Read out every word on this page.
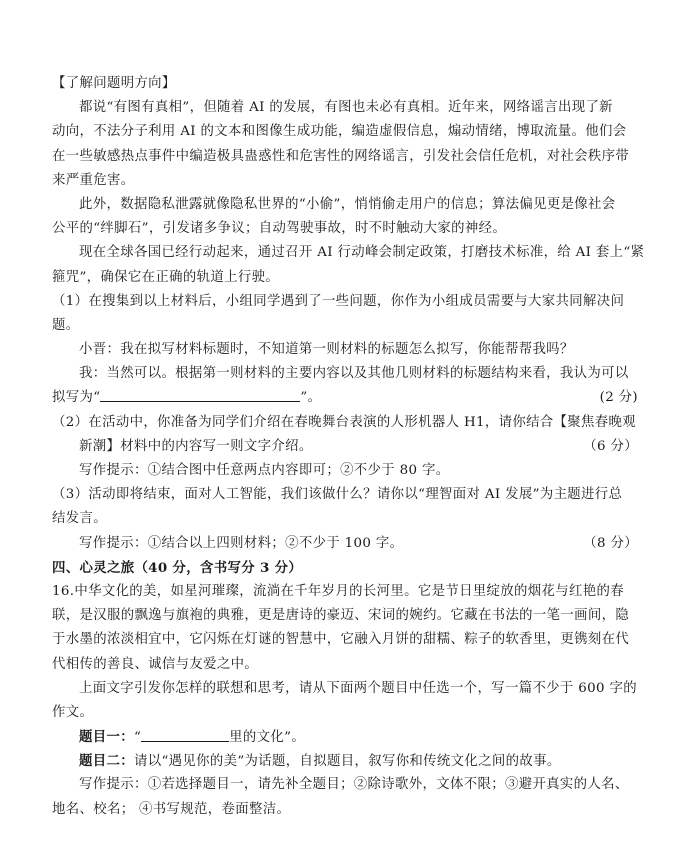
【了解问题明方向】
都说“有图有真相”，但随着 AI 的发展，有图也未必有真相。近年来，网络谣言出现了新
动向，不法分子利用 AI 的文本和图像生成功能，编造虚假信息，煽动情绪，博取流量。他们会
在一些敏感热点事件中编造极具蛊惑性和危害性的网络谣言，引发社会信任危机，对社会秩序带
来严重危害。
此外，数据隐私泄露就像隐私世界的“小偷”，悄悄偷走用户的信息；算法偏见更是像社会
公平的“绊脚石”，引发诸多争议；自动驾驶事故，时不时触动大家的神经。
现在全球各国已经行动起来，通过召开 AI 行动峰会制定政策，打磨技术标准，给 AI 套上“紧
箍咒”，确保它在正确的轨道上行驶。
（1）在搜集到以上材料后，小组同学遇到了一些问题，你作为小组成员需要与大家共同解决问
题。
小晋：我在拟写材料标题时，不知道第一则材料的标题怎么拟写，你能帮帮我吗？
我：当然可以。根据第一则材料的主要内容以及其他几则材料的标题结构来看，我认为可以
拟写为“	”。	(2 分)
（2）在活动中，你准备为同学们介绍在春晚舞台表演的人形机器人 H1，请你结合【聚焦春晚观
新潮】材料中的内容写一则文字介绍。	（6 分）
写作提示：①结合图中任意两点内容即可；②不少于 80 字。
（3）活动即将结束，面对人工智能，我们该做什么？请你以“理智面对 AI 发展”为主题进行总
结发言。
写作提示：①结合以上四则材料；②不少于 100 字。	（8 分）
四、心灵之旅（40 分，含书写分 3 分）
16.中华文化的美，如星河璀璨，流淌在千年岁月的长河里。它是节日里绽放的烟花与红艳的春
联，是汉服的飘逸与旗袍的典雅，更是唐诗的豪迈、宋词的婉约。它藏在书法的一笔一画间，隐
于水墨的浓淡相宜中，它闪烁在灯谜的智慧中，它融入月饼的甜糯、粽子的软香里，更镌刻在代
代相传的善良、诚信与友爱之中。
上面文字引发你怎样的联想和思考，请从下面两个题目中任选一个，写一篇不少于 600 字的
作文。
题目一：“	里的文化”。
题目二：请以“遇见你的美”为话题，自拟题目，叙写你和传统文化之间的故事。
写作提示：①若选择题目一，请先补全题目；②除诗歌外，文体不限；③避开真实的人名、
地名、校名； ④书写规范，卷面整洁。
